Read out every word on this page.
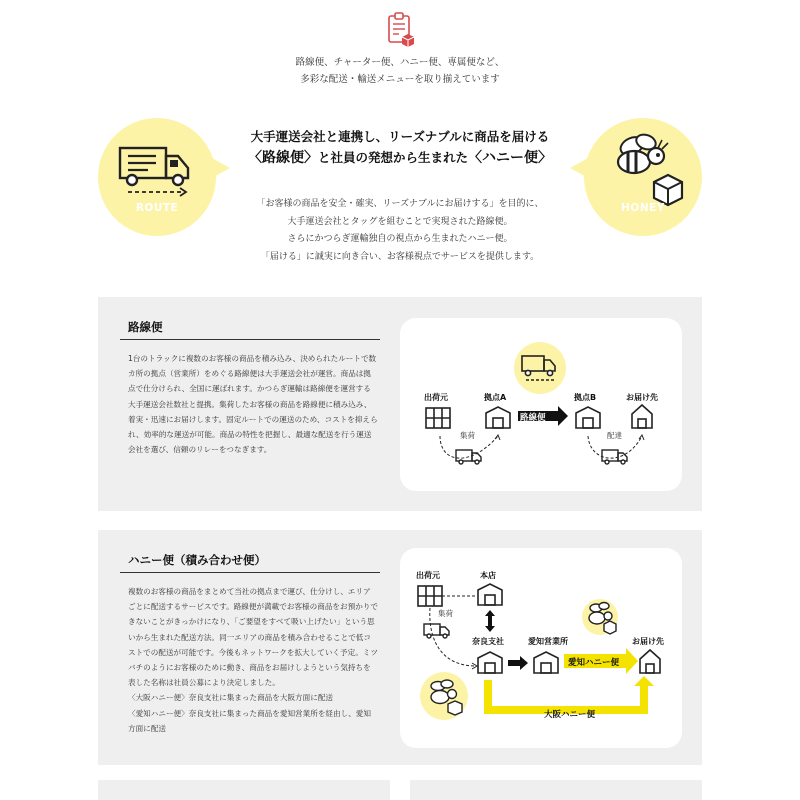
路線便、チャーター便、ハニー便、専属便など、
多彩な配送・輸送メニューを取り揃えています
ROUTE	HONEY
大手運送会社と連携し、リーズナブルに商品を届ける
〈路線便〉と社員の発想から生まれた〈ハニー便〉
「お客様の商品を安全・確実、リーズナブルにお届けする」を目的に、
大手運送会社とタッグを組むことで実現された路線便。
さらにかつらぎ運輸独自の視点から生まれたハニー便。
「届ける」に誠実に向き合い、お客様視点でサービスを提供します。
路線便

1台のトラックに複数のお客様の商品を積み込み、決められたルートで数カ所の拠点（営業所）をめぐる路線便は大手運送会社が運営。商品は拠点で仕分けられ、全国に運ばれます。かつらぎ運輸は路線便を運営する大手運送会社数社と提携。集荷したお客様の商品を路線便に積み込み、着実・迅速にお届けします。固定ルートでの運送のため、コストを抑えられ、効率的な運送が可能。商品の特性を把握し、最適な配送を行う運送会社を選び、信頼のリレーをつなぎます。

出荷元	拠点A	拠点B	お届け先
集荷	配達
路線便
ハニー便（積み合わせ便）

複数のお客様の商品をまとめて当社の拠点まで運び、仕分けし、エリアごとに配送するサービスです。路線便が満載でお客様の商品をお預かりできないことがきっかけになり、「ご要望をすべて吸い上げたい」という思いから生まれた配送方法。同一エリアの商品を積み合わせることで低コストでの配送が可能です。今後もネットワークを拡大していく予定。ミツバチのようにお客様のために動き、商品をお届けしようという気持ちを表した名称は社員公募により決定しました。

〈大阪ハニー便〉奈良支社に集まった商品を大阪方面に配送

〈愛知ハニー便〉奈良支社に集まった商品を愛知営業所を経由し、愛知方面に配送

出荷元	本店
集荷
奈良支社	愛知営業所	お届け先
愛知ハニー便
大阪ハニー便
